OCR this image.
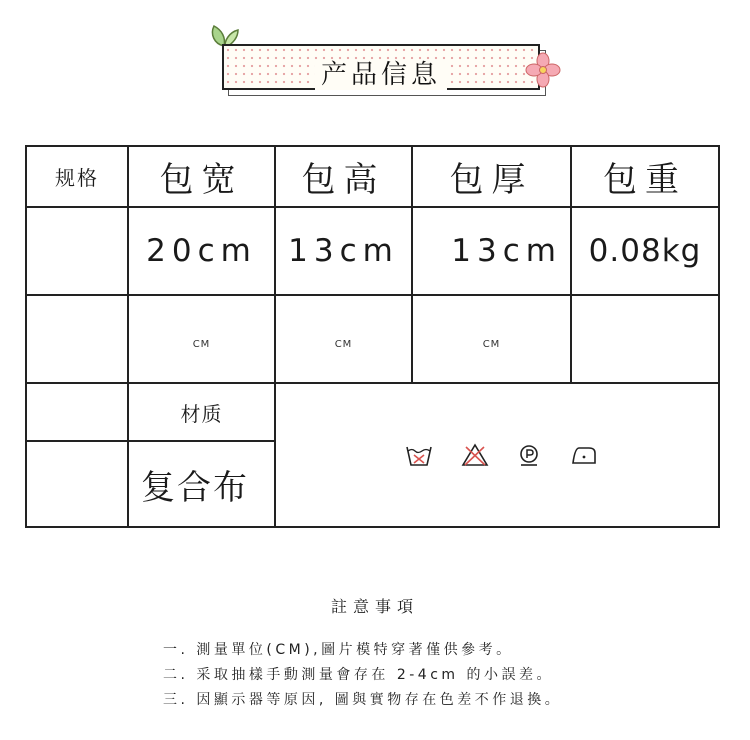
产品信息
规格	包宽	包高	包厚	包重
	20cm	13cm	13cm	0.08kg
	CM	CM	CM	
	材质	

	复合布			
註意事項
一. 測量單位(CM),圖片模特穿著僅供參考。
二. 采取抽樣手動測量會存在 2-4cm 的小誤差。
三. 因顯示器等原因, 圖與實物存在色差不作退換。
